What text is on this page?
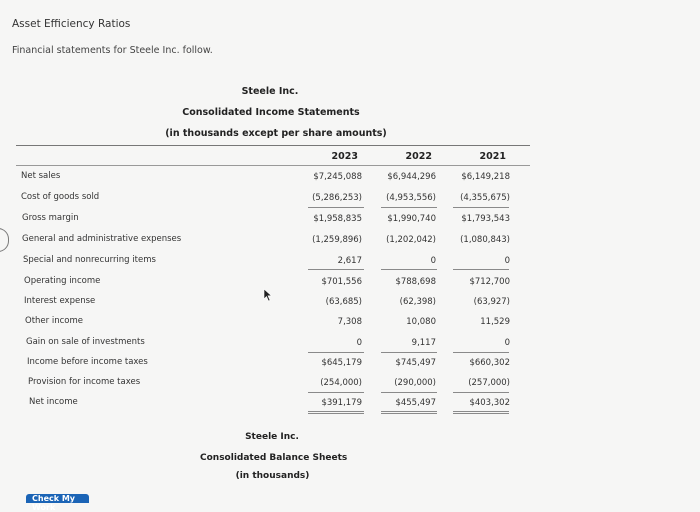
Asset Efficiency Ratios
Financial statements for Steele Inc. follow.
Steele Inc.
Consolidated Income Statements
(in thousands except per share amounts)
2023	2022	2021
Net sales	$7,245,088	$6,944,296	$6,149,218
Cost of goods sold	(5,286,253)	(4,953,556)	(4,355,675)
Gross margin	$1,958,835	$1,990,740	$1,793,543
General and administrative expenses	(1,259,896)	(1,202,042)	(1,080,843)
Special and nonrecurring items	2,617	0	0
Operating income	$701,556	$788,698	$712,700
Interest expense	(63,685)	(62,398)	(63,927)
Other income	7,308	10,080	11,529
Gain on sale of investments	0	9,117	0
Income before income taxes	$645,179	$745,497	$660,302
Provision for income taxes	(254,000)	(290,000)	(257,000)
Net income	$391,179	$455,497	$403,302
Steele Inc.
Consolidated Balance Sheets
(in thousands)
Check My Work
